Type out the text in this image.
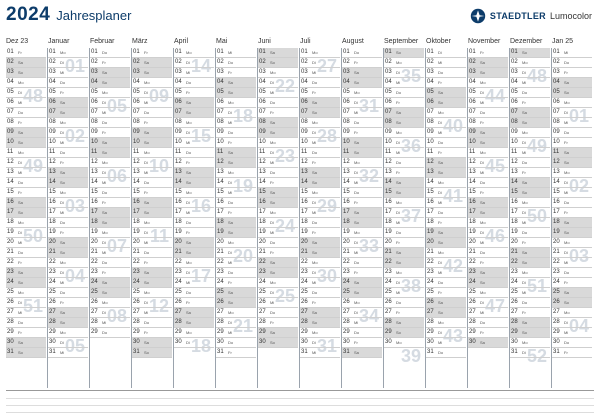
2024 Jahresplaner	STAEDTLER Lumocolor
Dez 23
01 Fr
02 Sa
03 So
04 Mo
48
05 Di
06 Mi
07 Do
08 Fr
09 Sa
10 So
11 Mo
49
12 Di
13 Mi
14 Do
15 Fr
16 Sa
17 So
18 Mo
50
19 Di
20 Mi
21 Do
22 Fr
23 Sa
24 So
25 Mo
51
26 Di
27 Mi
28 Do
29 Fr
30 Sa
31 So
Januar
01 Mo
01
02 Di
03 Mi
04 Do
05 Fr
06 Sa
07 So
08 Mo
02
09 Di
10 Mi
11 Do
12 Fr
13 Sa
14 So
15 Mo
03
16 Di
17 Mi
18 Do
19 Fr
20 Sa
21 So
22 Mo
04
23 Di
24 Mi
25 Do
26 Fr
27 Sa
28 So
29 Mo
05
30 Di
31 Mi
Februar
01 Do
02 Fr
03 Sa
04 So
05 Mo
05
06 Di
07 Mi
08 Do
09 Fr
10 Sa
11 So
12 Mo
06
13 Di
14 Mi
15 Do
16 Fr
17 Sa
18 So
19 Mo
07
20 Di
21 Mi
22 Do
23 Fr
24 Sa
25 So
26 Mo
08
27 Di
28 Mi
29 Do
März
01 Fr
02 Sa
03 So
04 Mo
09
05 Di
06 Mi
07 Do
08 Fr
09 Sa
10 So
11 Mo
10
12 Di
13 Mi
14 Do
15 Fr
16 Sa
17 So
18 Mo
11
19 Di
20 Mi
21 Do
22 Fr
23 Sa
24 So
25 Mo
12
26 Di
27 Mi
28 Do
29 Fr
30 Sa
31 So
April
01 Mo
14
02 Di
03 Mi
04 Do
05 Fr
06 Sa
07 So
08 Mo
15
09 Di
10 Mi
11 Do
12 Fr
13 Sa
14 So
15 Mo
16
16 Di
17 Mi
18 Do
19 Fr
20 Sa
21 So
22 Mo
17
23 Di
24 Mi
25 Do
26 Fr
27 Sa
28 So
29 Mo
18
30 Di
Mai
01 Mi
02 Do
03 Fr
04 Sa
05 So
06 Mo
18
07 Di
08 Mi
09 Do
10 Fr
11 Sa
12 So
13 Mo
19
14 Di
15 Mi
16 Do
17 Fr
18 Sa
19 So
20 Mo
20
21 Di
22 Mi
23 Do
24 Fr
25 Sa
26 So
27 Mo
21
28 Di
29 Mi
30 Do
31 Fr
Juni
01 Sa
02 So
03 Mo
22
04 Di
05 Mi
06 Do
07 Fr
08 Sa
09 So
10 Mo
23
11 Di
12 Mi
13 Do
14 Fr
15 Sa
16 So
17 Mo
24
18 Di
19 Mi
20 Do
21 Fr
22 Sa
23 So
24 Mo
25
25 Di
26 Mi
27 Do
28 Fr
29 Sa
30 So
Juli
01 Mo
27
02 Di
03 Mi
04 Do
05 Fr
06 Sa
07 So
08 Mo
28
09 Di
10 Mi
11 Do
12 Fr
13 Sa
14 So
15 Mo
29
16 Di
17 Mi
18 Do
19 Fr
20 Sa
21 So
22 Mo
30
23 Di
24 Mi
25 Do
26 Fr
27 Sa
28 So
29 Mo
31
30 Di
31 Mi
August
01 Do
02 Fr
03 Sa
04 So
05 Mo
31
06 Di
07 Mi
08 Do
09 Fr
10 Sa
11 So
12 Mo
32
13 Di
14 Mi
15 Do
16 Fr
17 Sa
18 So
19 Mo
33
20 Di
21 Mi
22 Do
23 Fr
24 Sa
25 So
26 Mo
34
27 Di
28 Mi
29 Do
30 Fr
31 Sa
September
01 So
02 Mo
35
03 Di
04 Mi
05 Do
06 Fr
07 Sa
08 So
09 Mo
36
10 Di
11 Mi
12 Do
13 Fr
14 Sa
15 So
16 Mo
37
17 Di
18 Mi
19 Do
20 Fr
21 Sa
22 So
23 Mo
38
24 Di
25 Mi
26 Do
27 Fr
28 Sa
29 So
30 Mo
39
Oktober
01 Di
02 Mi
03 Do
04 Fr
05 Sa
06 So
07 Mo
40
08 Di
09 Mi
10 Do
11 Fr
12 Sa
13 So
14 Mo
41
15 Di
16 Mi
17 Do
18 Fr
19 Sa
20 So
21 Mo
42
22 Di
23 Mi
24 Do
25 Fr
26 Sa
27 So
28 Mo
43
29 Di
30 Mi
31 Do
November
01 Fr
02 Sa
03 So
04 Mo
44
05 Di
06 Mi
07 Do
08 Fr
09 Sa
10 So
11 Mo
45
12 Di
13 Mi
14 Do
15 Fr
16 Sa
17 So
18 Mo
46
19 Di
20 Mi
21 Do
22 Fr
23 Sa
24 So
25 Mo
47
26 Di
27 Mi
28 Do
29 Fr
30 Sa
Dezember
01 So
02 Mo
48
03 Di
04 Mi
05 Do
06 Fr
07 Sa
08 So
09 Mo
49
10 Di
11 Mi
12 Do
13 Fr
14 Sa
15 So
16 Mo
50
17 Di
18 Mi
19 Do
20 Fr
21 Sa
22 So
23 Mo
51
24 Di
25 Mi
26 Do
27 Fr
28 Sa
29 So
30 Mo
52
31 Di
Jan 25
01 Mi
02 Do
03 Fr
04 Sa
05 So
06 Mo
01
07 Di
08 Mi
09 Do
10 Fr
11 Sa
12 So
13 Mo
02
14 Di
15 Mi
16 Do
17 Fr
18 Sa
19 So
20 Mo
03
21 Di
22 Mi
23 Do
24 Fr
25 Sa
26 So
27 Mo
04
28 Di
29 Mi
30 Do
31 Fr
